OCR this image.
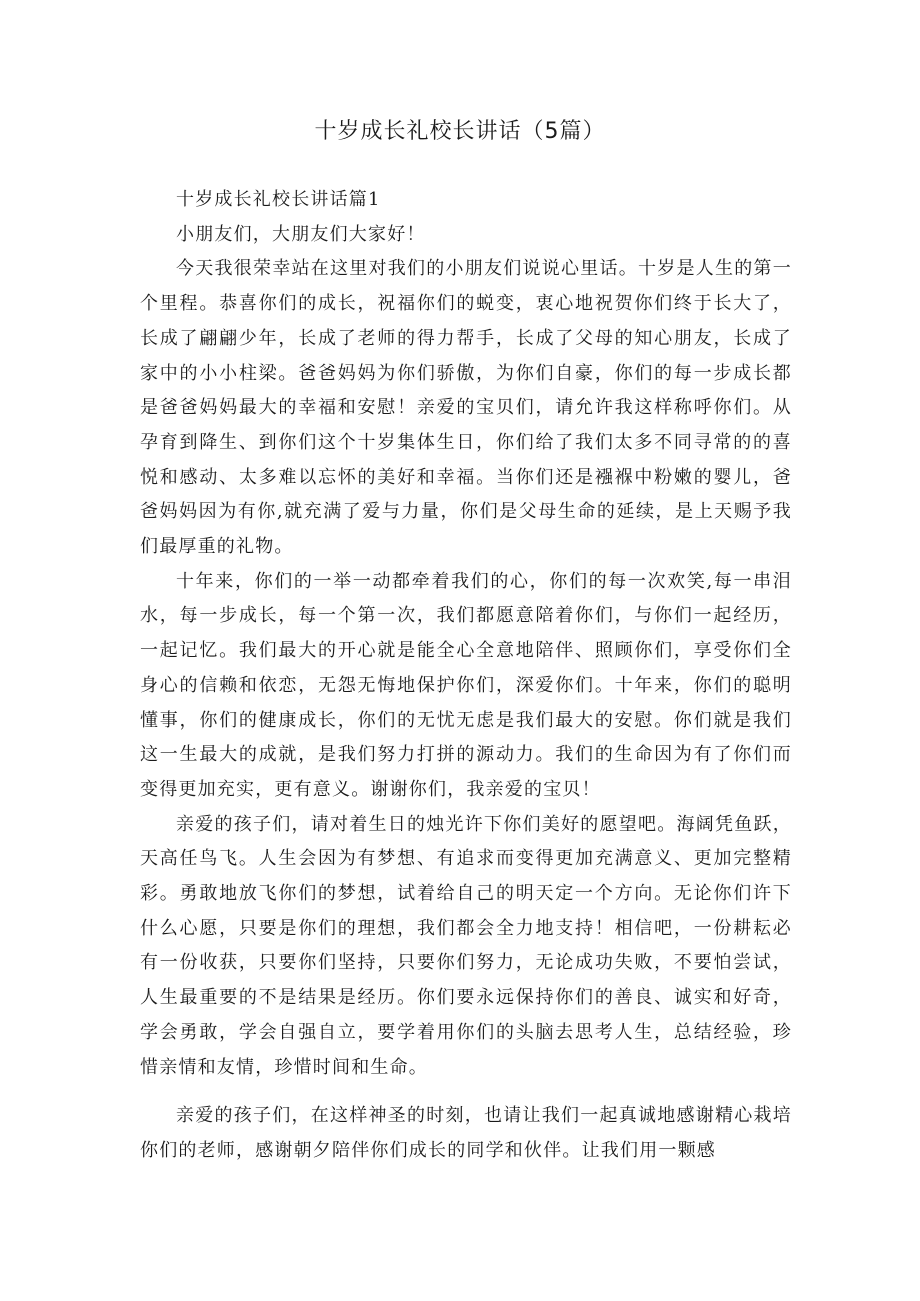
十岁成长礼校长讲话（5篇）

十岁成长礼校长讲话篇1

小朋友们，大朋友们大家好！

今天我很荣幸站在这里对我们的小朋友们说说心里话。十岁是人生的第一个里程。恭喜你们的成长，祝福你们的蜕变，衷心地祝贺你们终于长大了，长成了翩翩少年，长成了老师的得力帮手，长成了父母的知心朋友，长成了家中的小小柱梁。爸爸妈妈为你们骄傲，为你们自豪，你们的每一步成长都是爸爸妈妈最大的幸福和安慰！亲爱的宝贝们，请允许我这样称呼你们。从孕育到降生、到你们这个十岁集体生日，你们给了我们太多不同寻常的的喜悦和感动、太多难以忘怀的美好和幸福。当你们还是襁褓中粉嫩的婴儿，爸爸妈妈因为有你,就充满了爱与力量，你们是父母生命的延续，是上天赐予我们最厚重的礼物。

十年来，你们的一举一动都牵着我们的心，你们的每一次欢笑,每一串泪水，每一步成长，每一个第一次，我们都愿意陪着你们，与你们一起经历，一起记忆。我们最大的开心就是能全心全意地陪伴、照顾你们，享受你们全身心的信赖和依恋，无怨无悔地保护你们，深爱你们。十年来，你们的聪明懂事，你们的健康成长，你们的无忧无虑是我们最大的安慰。你们就是我们这一生最大的成就，是我们努力打拼的源动力。我们的生命因为有了你们而变得更加充实，更有意义。谢谢你们，我亲爱的宝贝！

亲爱的孩子们，请对着生日的烛光许下你们美好的愿望吧。海阔凭鱼跃，天高任鸟飞。人生会因为有梦想、有追求而变得更加充满意义、更加完整精彩。勇敢地放飞你们的梦想，试着给自己的明天定一个方向。无论你们许下什么心愿，只要是你们的理想，我们都会全力地支持！相信吧，一份耕耘必有一份收获，只要你们坚持，只要你们努力，无论成功失败，不要怕尝试，人生最重要的不是结果是经历。你们要永远保持你们的善良、诚实和好奇，学会勇敢，学会自强自立，要学着用你们的头脑去思考人生，总结经验，珍惜亲情和友情，珍惜时间和生命。

亲爱的孩子们，在这样神圣的时刻，也请让我们一起真诚地感谢精心栽培你们的老师，感谢朝夕陪伴你们成长的同学和伙伴。让我们用一颗感
